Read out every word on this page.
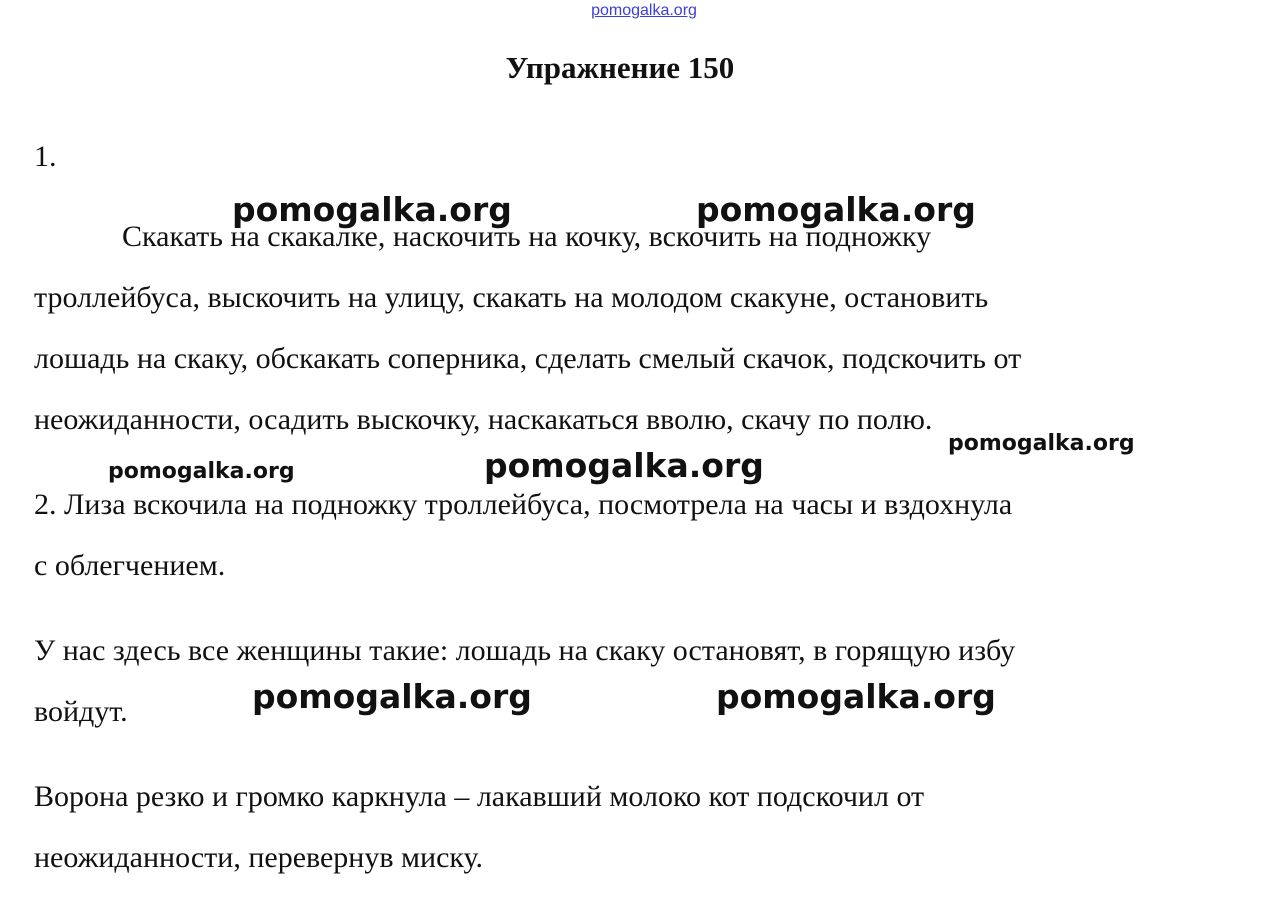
pomogalka.org
Упражнение 150
1.
Скакать на скакалке, наскочить на кочку, вскочить на подножку
троллейбуса, выскочить на улицу, скакать на молодом скакуне, остановить
лошадь на скаку, обскакать соперника, сделать смелый скачок, подскочить от
неожиданности, осадить выскочку, наскакаться вволю, скачу по полю.
2. Лиза вскочила на подножку троллейбуса, посмотрела на часы и вздохнула
с облегчением.
У нас здесь все женщины такие: лошадь на скаку остановят, в горящую избу
войдут.
Ворона резко и громко каркнула – лакавший молоко кот подскочил от
неожиданности, перевернув миску.
pomogalka.org	pomogalka.org
pomogalka.org
pomogalka.org	pomogalka.org
pomogalka.org	pomogalka.org
